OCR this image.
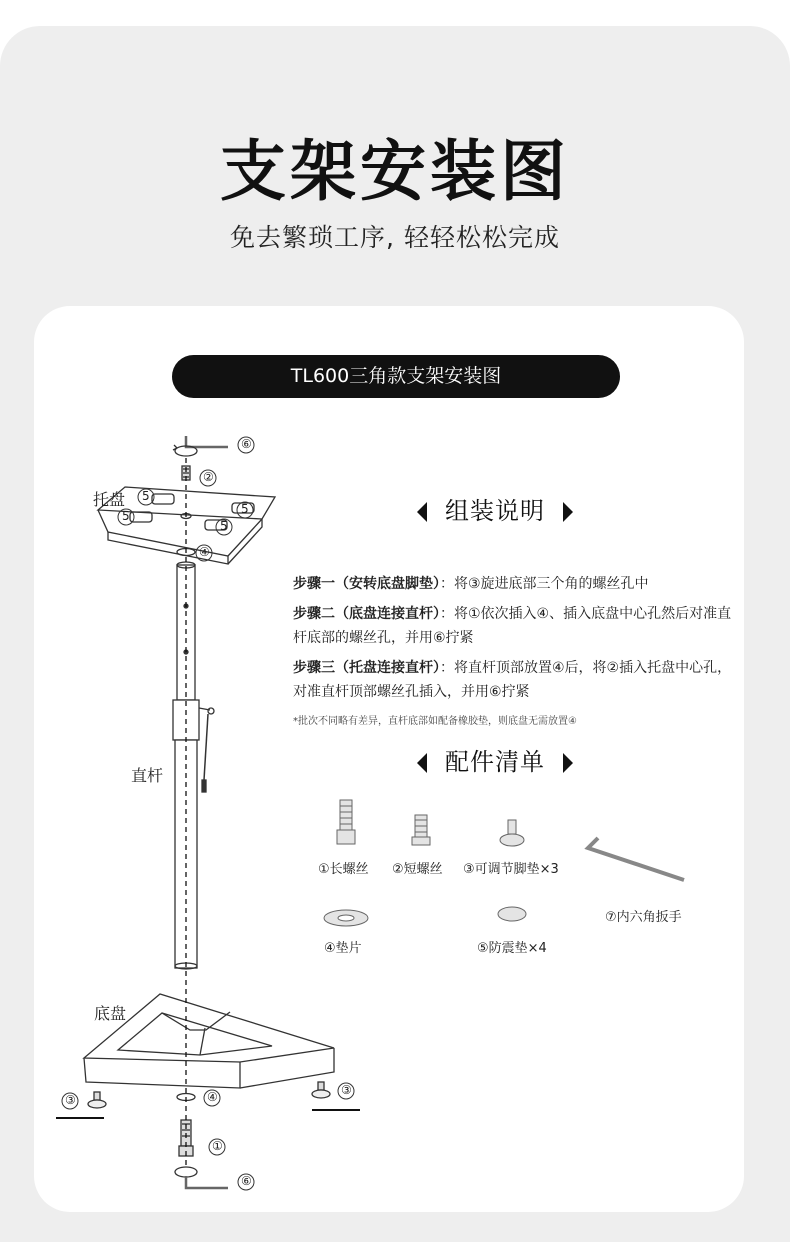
支架安装图
免去繁琐工序, 轻轻松松完成
TL600三角款支架安装图
⑥
②
5
5
5
5
④
③
③
④
①
⑥
托盘
直杆
底盘
组装说明
步骤一（安转底盘脚垫）：将③旋进底部三个角的螺丝孔中
步骤二（底盘连接直杆）：将①依次插入④、插入底盘中心孔然后对准直杆底部的螺丝孔，并用⑥拧紧
步骤三（托盘连接直杆）：将直杆顶部放置④后，将②插入托盘中心孔，对准直杆顶部螺丝孔插入，并用⑥拧紧
*批次不同略有差异，直杆底部如配备橡胶垫，则底盘无需放置④
配件清单
①长螺丝 ②短螺丝 ③可调节脚垫×3
⑦内六角扳手
④垫片	⑤防震垫×4
